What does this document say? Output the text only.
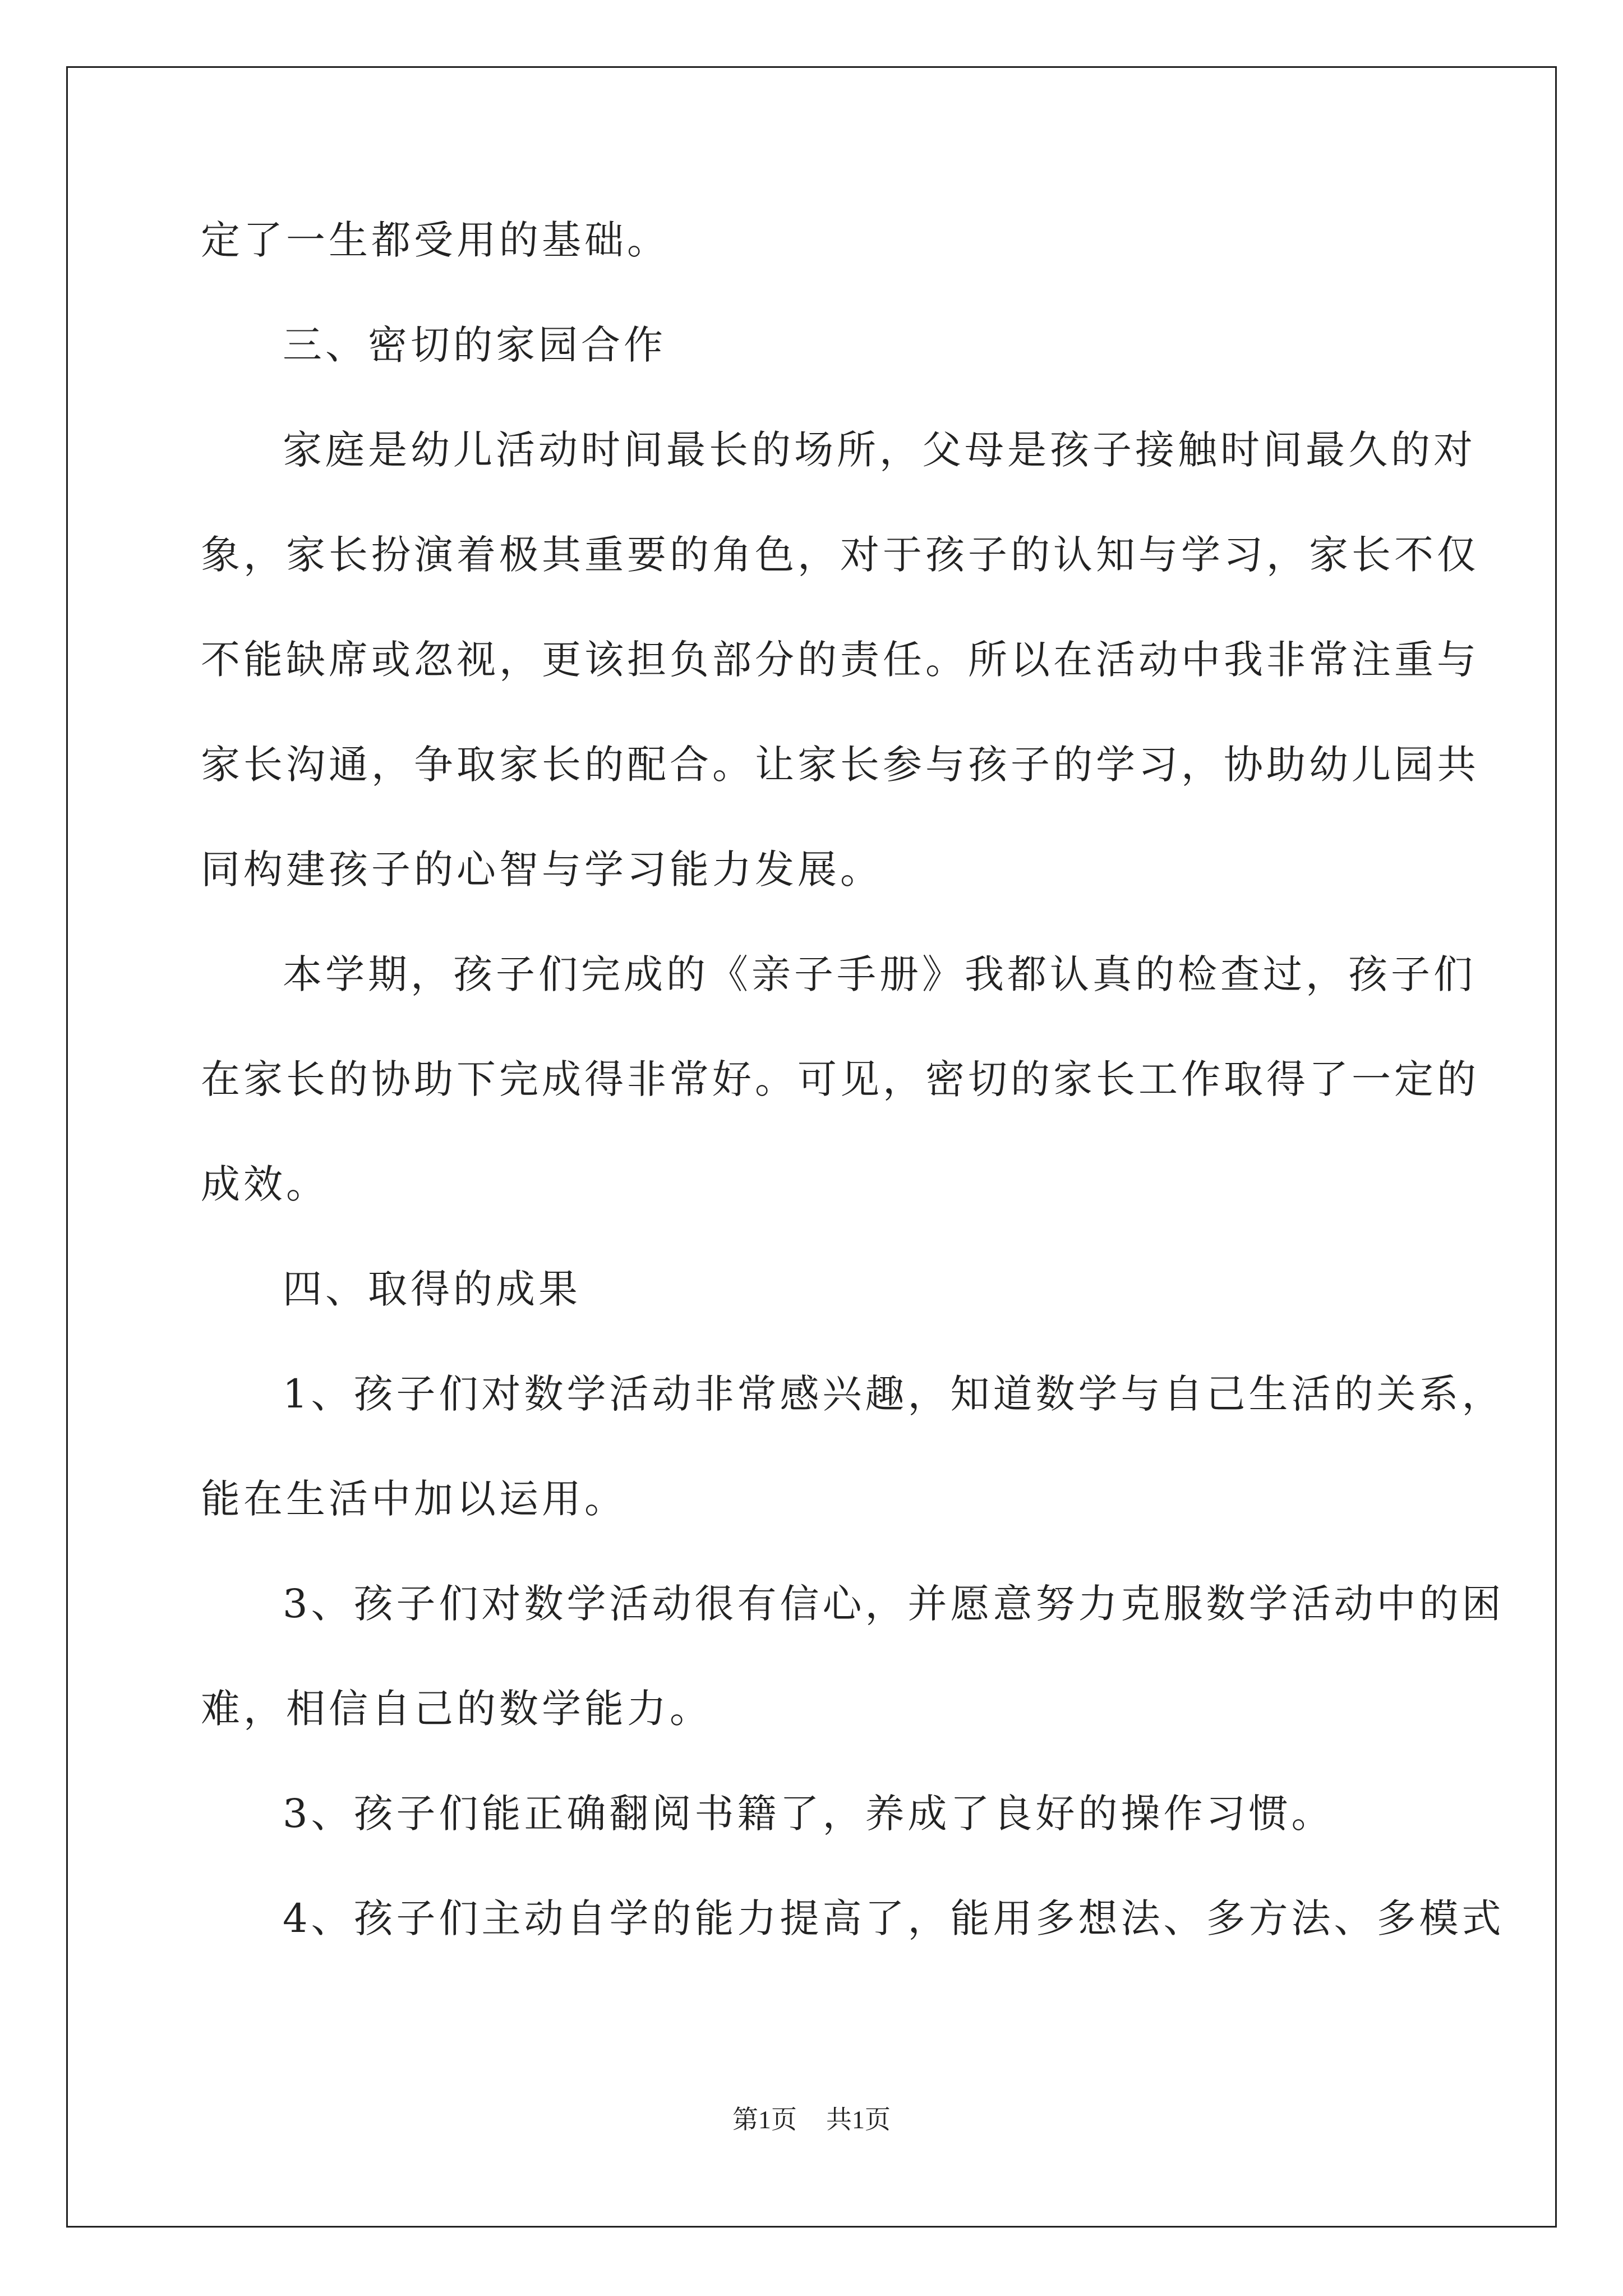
定了一生都受用的基础。
三、密切的家园合作
家庭是幼儿活动时间最长的场所，父母是孩子接触时间最久的对
象，家长扮演着极其重要的角色，对于孩子的认知与学习，家长不仅
不能缺席或忽视，更该担负部分的责任。所以在活动中我非常注重与
家长沟通，争取家长的配合。让家长参与孩子的学习，协助幼儿园共
同构建孩子的心智与学习能力发展。
本学期，孩子们完成的《亲子手册》我都认真的检查过，孩子们
在家长的协助下完成得非常好。可见，密切的家长工作取得了一定的
成效。
四、取得的成果
1、孩子们对数学活动非常感兴趣，知道数学与自己生活的关系，
能在生活中加以运用。
3、孩子们对数学活动很有信心，并愿意努力克服数学活动中的困
难，相信自己的数学能力。
3、孩子们能正确翻阅书籍了，养成了良好的操作习惯。
4、孩子们主动自学的能力提高了，能用多想法、多方法、多模式
第1页 共1页
